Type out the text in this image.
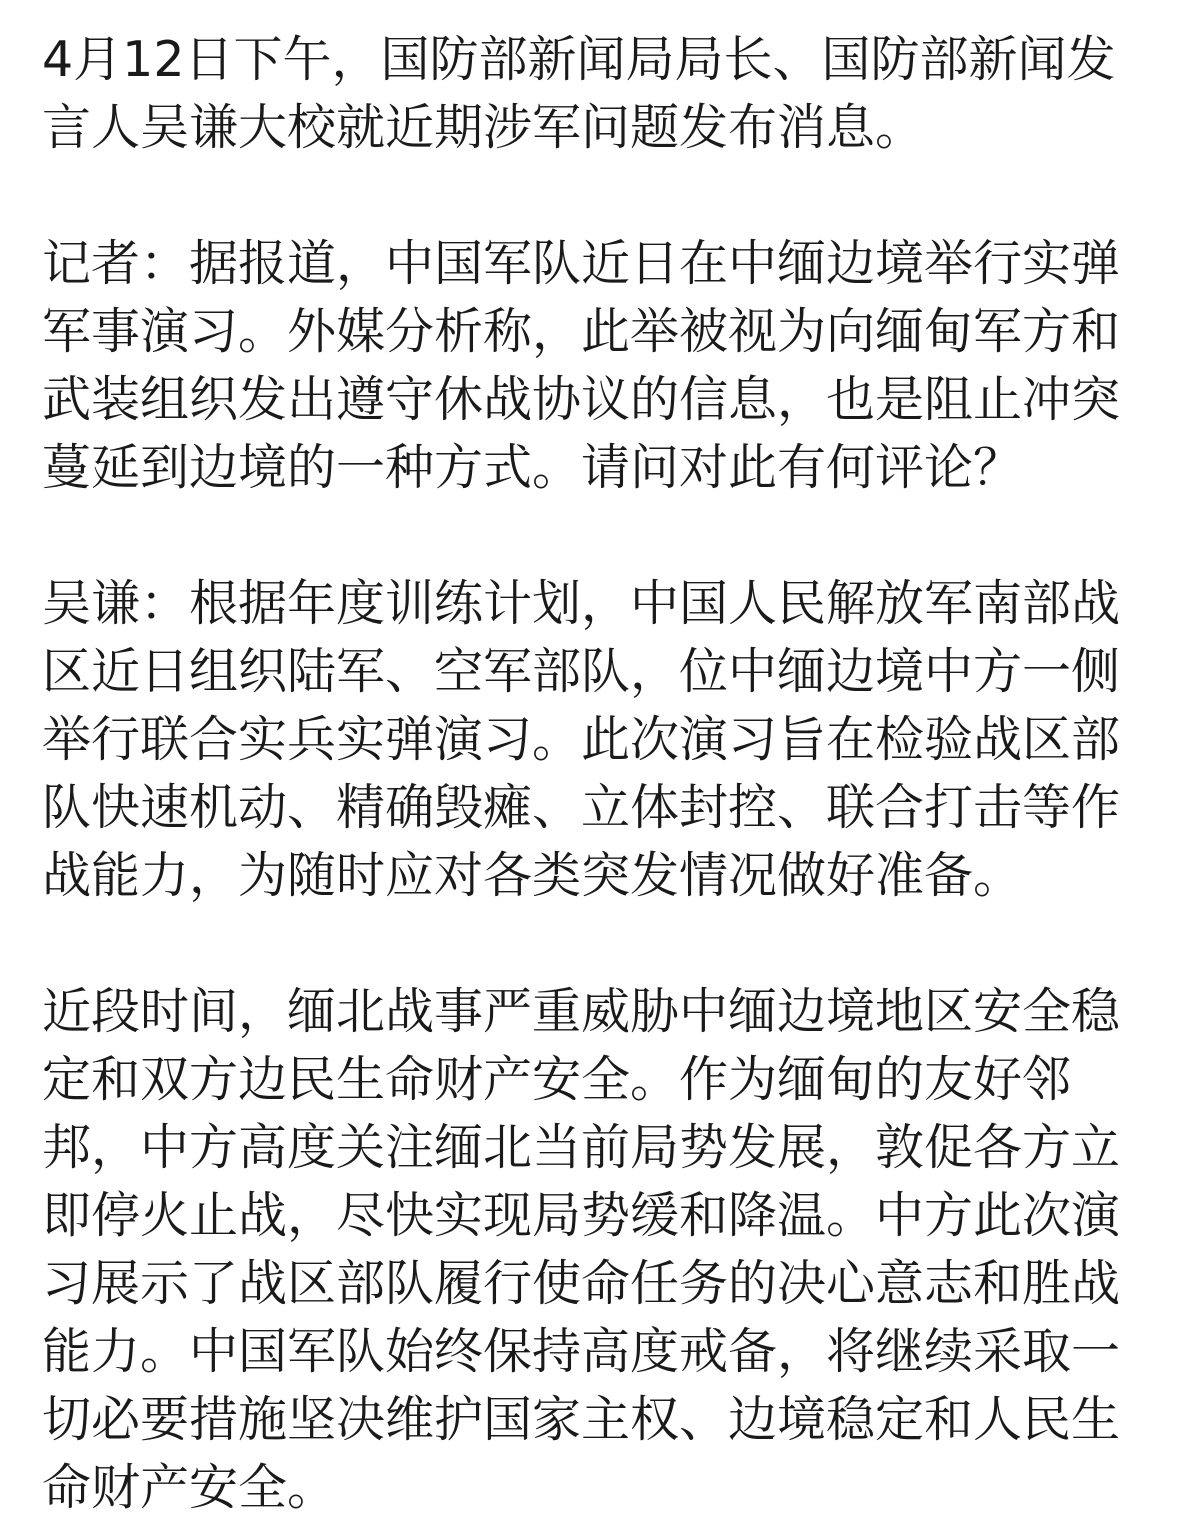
4月12日下午，国防部新闻局局长、国防部新闻发
言人吴谦大校就近期涉军问题发布消息。

记者：据报道，中国军队近日在中缅边境举行实弹
军事演习。外媒分析称，此举被视为向缅甸军方和
武装组织发出遵守休战协议的信息，也是阻止冲突
蔓延到边境的一种方式。请问对此有何评论？

吴谦：根据年度训练计划，中国人民解放军南部战
区近日组织陆军、空军部队，位中缅边境中方一侧
举行联合实兵实弹演习。此次演习旨在检验战区部
队快速机动、精确毁瘫、立体封控、联合打击等作
战能力，为随时应对各类突发情况做好准备。

近段时间，缅北战事严重威胁中缅边境地区安全稳
定和双方边民生命财产安全。作为缅甸的友好邻
邦，中方高度关注缅北当前局势发展，敦促各方立
即停火止战，尽快实现局势缓和降温。中方此次演
习展示了战区部队履行使命任务的决心意志和胜战
能力。中国军队始终保持高度戒备，将继续采取一
切必要措施坚决维护国家主权、边境稳定和人民生
命财产安全。
